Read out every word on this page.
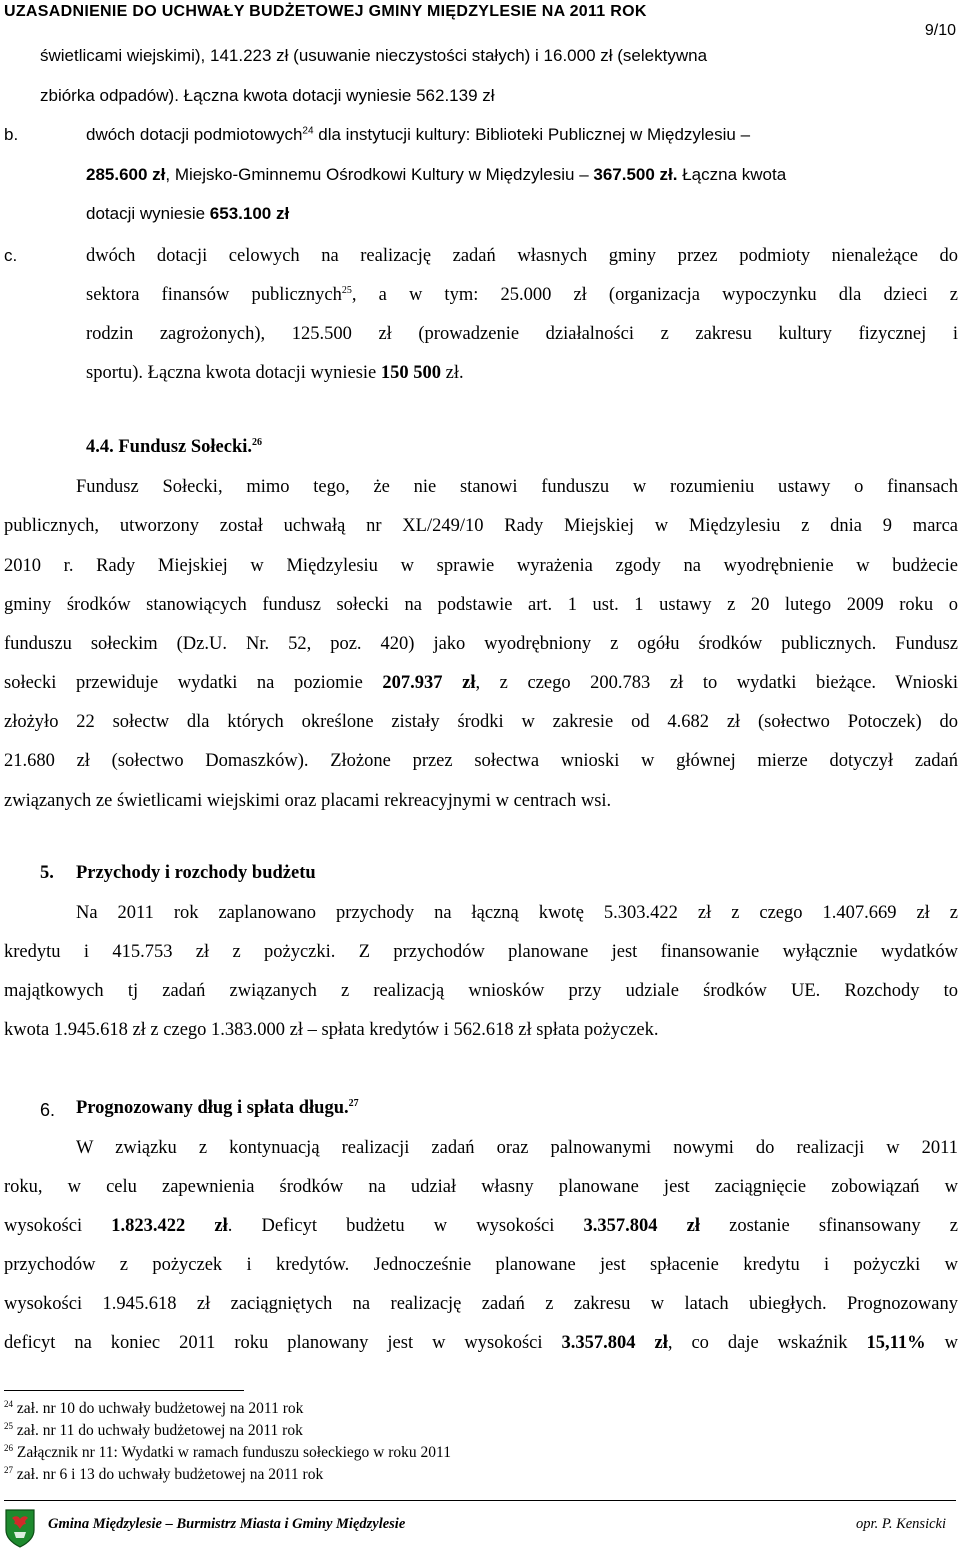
UZASADNIENIE DO UCHWAŁY BUDŻETOWEJ GMINY MIĘDZYLESIE NA 2011 ROK
9/10
świetlicami wiejskimi), 141.223 zł (usuwanie nieczystości stałych) i 16.000 zł (selektywna
zbiórka odpadów). Łączna kwota dotacji wyniesie 562.139 zł
b.	dwóch dotacji podmiotowych$^{24}$ dla instytucji kultury: Biblioteki Publicznej w Międzylesiu –
285.600 zł, Miejsko-Gminnemu Ośrodkowi Kultury w Międzylesiu – 367.500 zł. Łączna kwota
dotacji wyniesie 653.100 zł
c.	dwóch dotacji celowych na realizację zadań własnych gminy przez podmioty nienależące do
sektora finansów publicznych$^{25}$, a w tym: 25.000 zł (organizacja wypoczynku dla dzieci z
rodzin zagrożonych), 125.500 zł (prowadzenie działalności z zakresu kultury fizycznej i
sportu). Łączna kwota dotacji wyniesie 150 500 zł.
4.4. Fundusz Sołecki.$^{26}$
Fundusz Sołecki, mimo tego, że nie stanowi funduszu w rozumieniu ustawy o finansach
publicznych, utworzony został uchwałą nr XL/249/10 Rady Miejskiej w Międzylesiu z dnia 9 marca
2010 r. Rady Miejskiej w Międzylesiu w sprawie wyrażenia zgody na wyodrębnienie w budżecie
gminy środków stanowiących fundusz sołecki na podstawie art. 1 ust. 1 ustawy z 20 lutego 2009 roku o
funduszu sołeckim (Dz.U. Nr. 52, poz. 420) jako wyodrębniony z ogółu środków publicznych. Fundusz
sołecki przewiduje wydatki na poziomie 207.937 zł, z czego 200.783 zł to wydatki bieżące. Wnioski
złożyło 22 sołectw dla których określone zistały środki w zakresie od 4.682 zł (sołectwo Potoczek) do
21.680 zł (sołectwo Domaszków). Złożone przez sołectwa wnioski w głównej mierze dotyczył zadań
związanych ze świetlicami wiejskimi oraz placami rekreacyjnymi w centrach wsi.
5. Przychody i rozchody budżetu
Na 2011 rok zaplanowano przychody na łączną kwotę 5.303.422 zł z czego 1.407.669 zł z
kredytu i 415.753 zł z pożyczki. Z przychodów planowane jest finansowanie wyłącznie wydatków
majątkowych tj zadań związanych z realizacją wniosków przy udziale środków UE. Rozchody to
kwota 1.945.618 zł z czego 1.383.000 zł – spłata kredytów i 562.618 zł spłata pożyczek.
6. Prognozowany dług i spłata długu.$^{27}$
W związku z kontynuacją realizacji zadań oraz palnowanymi nowymi do realizacji w 2011
roku, w celu zapewnienia środków na udział własny planowane jest zaciągnięcie zobowiązań w
wysokości 1.823.422 zł. Deficyt budżetu w wysokości 3.357.804 zł zostanie sfinansowany z
przychodów z pożyczek i kredytów. Jednocześnie planowane jest spłacenie kredytu i pożyczki w
wysokości 1.945.618 zł zaciągniętych na realizację zadań z zakresu w latach ubiegłych. Prognozowany
deficyt na koniec 2011 roku planowany jest w wysokości 3.357.804 zł, co daje wskaźnik 15,11% w
$^{24}$ zał. nr 10 do uchwały budżetowej na 2011 rok
$^{25}$ zał. nr 11 do uchwały budżetowej na 2011 rok
$^{26}$ Załącznik nr 11: Wydatki w ramach funduszu sołeckiego w roku 2011
$^{27}$ zał. nr 6 i 13 do uchwały budżetowej na 2011 rok
Gmina Międzylesie – Burmistrz Miasta i Gminy Międzylesie	opr. P. Kensicki
